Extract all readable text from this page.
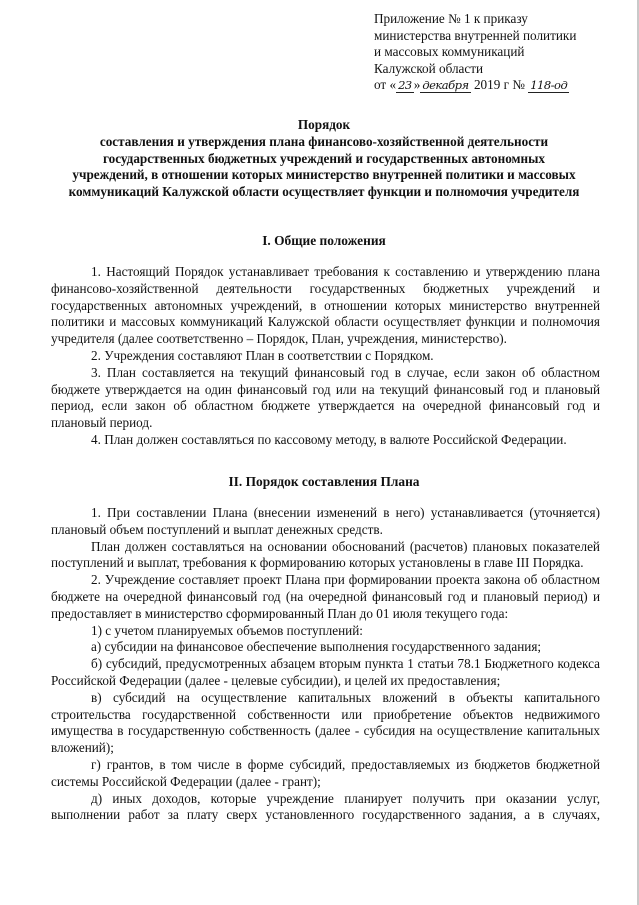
Приложение № 1 к приказу
министерства внутренней политики
и массовых коммуникаций
Калужской области
от « 23 » декабря 2019 г № 118-од
Порядок
составления и утверждения плана финансово-хозяйственной деятельности
государственных бюджетных учреждений и государственных автономных
учреждений, в отношении которых министерство внутренней политики и массовых
коммуникаций Калужской области осуществляет функции и полномочия учредителя
I. Общие положения

1. Настоящий Порядок устанавливает требования к составлению и утверждению плана финансово-хозяйственной деятельности государственных бюджетных учреждений и государственных автономных учреждений, в отношении которых министерство внутренней политики и массовых коммуникаций Калужской области осуществляет функции и полномочия учредителя (далее соответственно – Порядок, План, учреждения, министерство).

2. Учреждения составляют План в соответствии с Порядком.

3. План составляется на текущий финансовый год в случае, если закон об областном бюджете утверждается на один финансовый год или на текущий финансовый год и плановый период, если закон об областном бюджете утверждается на очередной финансовый год и плановый период.

4. План должен составляться по кассовому методу, в валюте Российской Федерации.

II. Порядок составления Плана

1. При составлении Плана (внесении изменений в него) устанавливается (уточняется) плановый объем поступлений и выплат денежных средств.

План должен составляться на основании обоснований (расчетов) плановых показателей поступлений и выплат, требования к формированию которых установлены в главе III Порядка.

2. Учреждение составляет проект Плана при формировании проекта закона об областном бюджете на очередной финансовый год (на очередной финансовый год и плановый период) и предоставляет в министерство сформированный План до 01 июля текущего года:

1) с учетом планируемых объемов поступлений:

а) субсидии на финансовое обеспечение выполнения государственного задания;

б) субсидий, предусмотренных абзацем вторым пункта 1 статьи 78.1 Бюджетного кодекса Российской Федерации (далее - целевые субсидии), и целей их предоставления;

в) субсидий на осуществление капитальных вложений в объекты капитального строительства государственной собственности или приобретение объектов недвижимого имущества в государственную собственность (далее - субсидия на осуществление капитальных вложений);

г) грантов, в том числе в форме субсидий, предоставляемых из бюджетов бюджетной системы Российской Федерации (далее - грант);

д) иных доходов, которые учреждение планирует получить при оказании услуг, выполнении работ за плату сверх установленного государственного задания, а в случаях,
